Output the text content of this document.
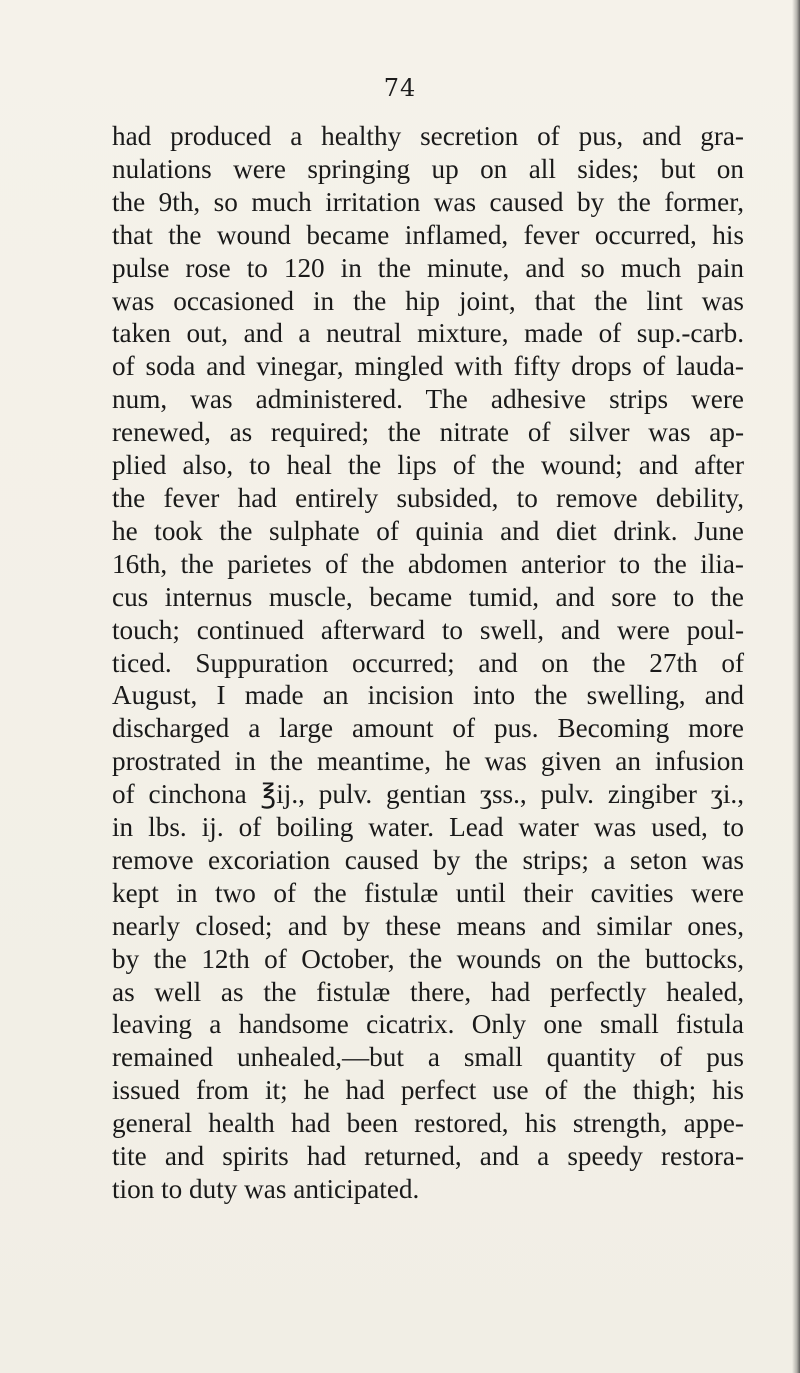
74
had produced a healthy secretion of pus, and gra-
nulations were springing up on all sides; but on
the 9th, so much irritation was caused by the former,
that the wound became inflamed, fever occurred, his
pulse rose to 120 in the minute, and so much pain
was occasioned in the hip joint, that the lint was
taken out, and a neutral mixture, made of sup.-carb.
of soda and vinegar, mingled with fifty drops of lauda-
num, was administered. The adhesive strips were
renewed, as required; the nitrate of silver was ap-
plied also, to heal the lips of the wound; and after
the fever had entirely subsided, to remove debility,
he took the sulphate of quinia and diet drink. June
16th, the parietes of the abdomen anterior to the ilia-
cus internus muscle, became tumid, and sore to the
touch; continued afterward to swell, and were poul-
ticed. Suppuration occurred; and on the 27th of
August, I made an incision into the swelling, and
discharged a large amount of pus. Becoming more
prostrated in the meantime, he was given an infusion
of cinchona ℥ij., pulv. gentian ʒss., pulv. zingiber ʒi.,
in lbs. ij. of boiling water. Lead water was used, to
remove excoriation caused by the strips; a seton was
kept in two of the fistulæ until their cavities were
nearly closed; and by these means and similar ones,
by the 12th of October, the wounds on the buttocks,
as well as the fistulæ there, had perfectly healed,
leaving a handsome cicatrix. Only one small fistula
remained unhealed,—but a small quantity of pus
issued from it; he had perfect use of the thigh; his
general health had been restored, his strength, appe-
tite and spirits had returned, and a speedy restora-
tion to duty was anticipated.
